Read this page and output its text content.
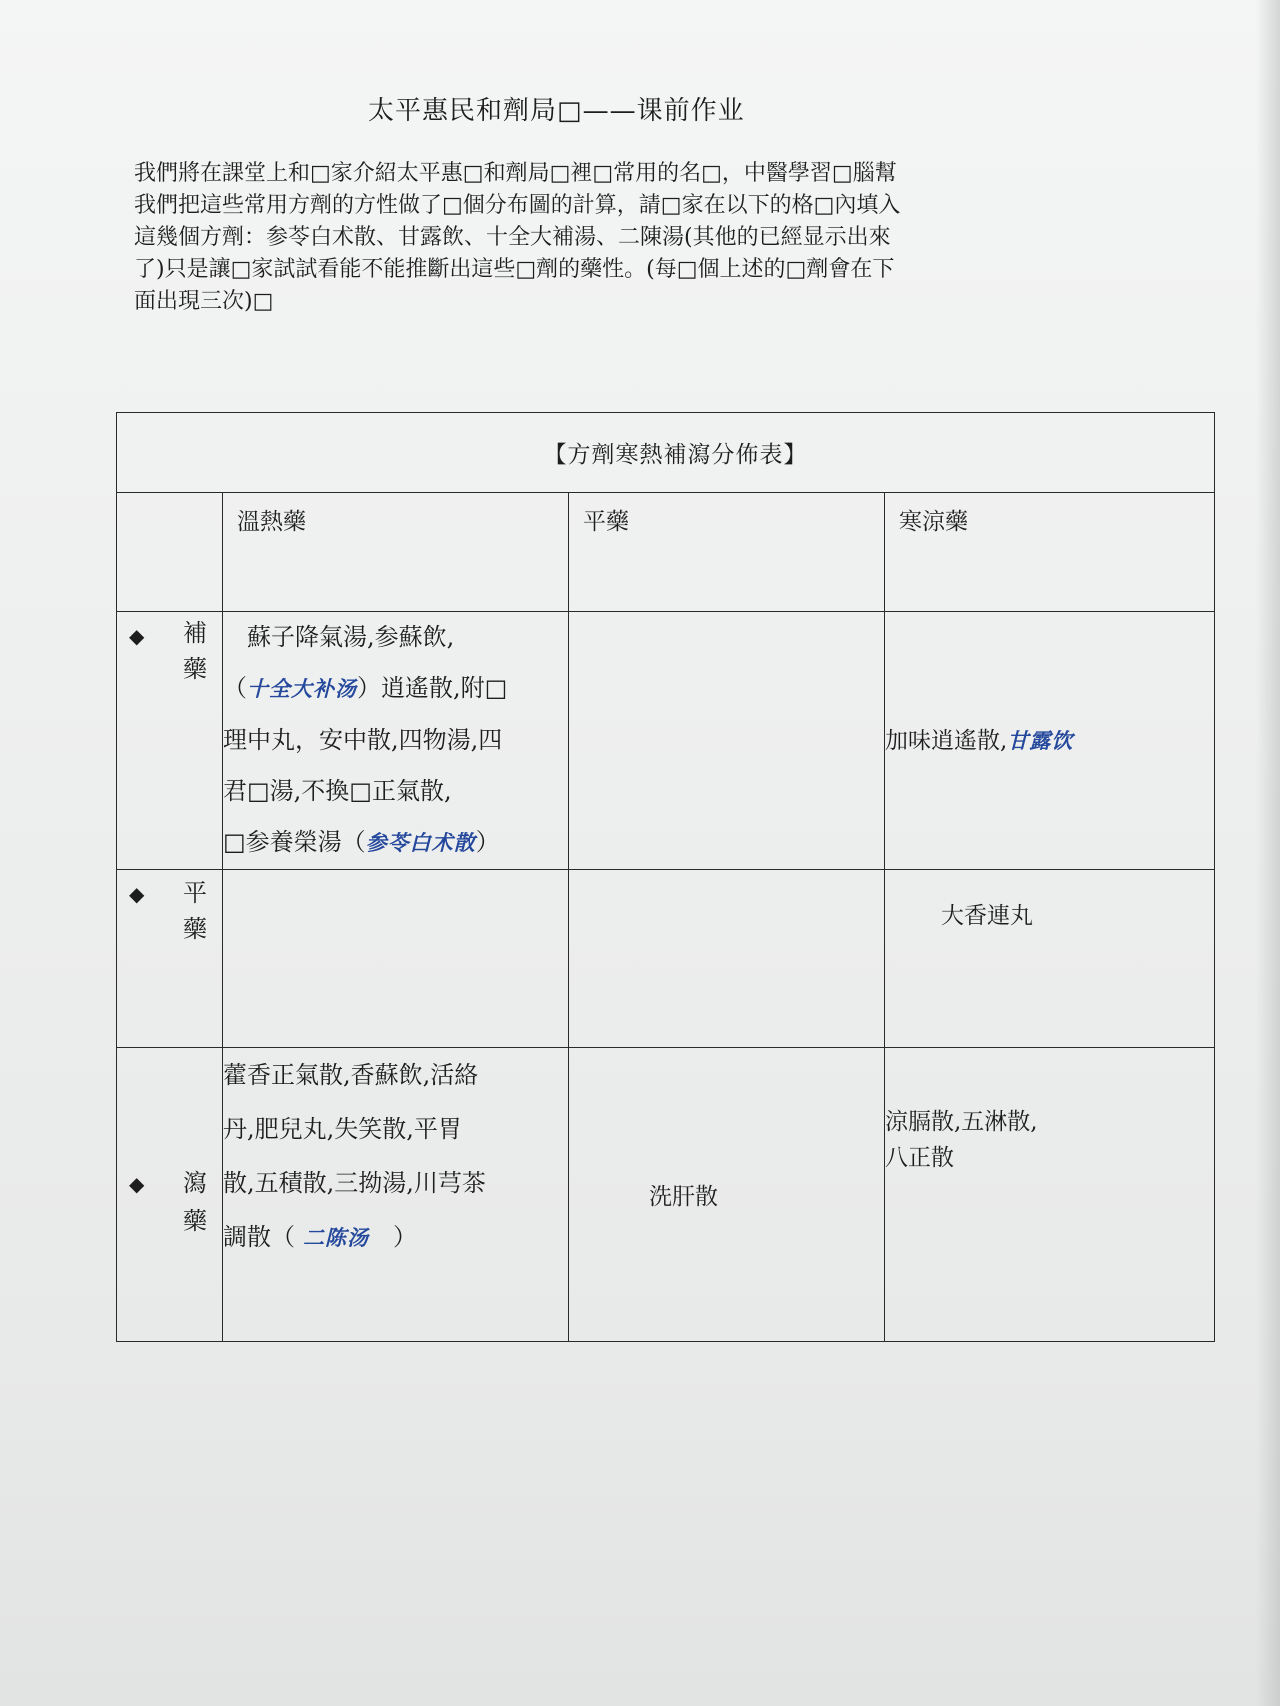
太平惠民和劑局□——课前作业

我們將在課堂上和□家介紹太平惠□和劑局□裡□常用的名□，中醫學習□腦幫
我們把這些常用方劑的方性做了□個分布圖的計算，請□家在以下的格□內填入
這幾個方劑：参苓白术散、甘露飲、十全大補湯、二陳湯(其他的已經显示出來
了)只是讓□家試試看能不能推斷出這些□劑的藥性。(每□個上述的□劑會在下
面出現三次)□

【方劑寒熱補瀉分佈表】			

	溫熱藥	平藥	寒涼藥

◆ 補
藥	蘇子降氣湯,参蘇飲,
（十全大补汤）逍遙散,附□
理中丸，安中散,四物湯,四
君□湯,不換□正氣散,
□参養榮湯（参苓白术散）		加味逍遙散,甘露饮

◆ 平
藥			大香連丸

◆ 瀉
藥	藿香正氣散,香蘇飲,活絡
丹,肥兒丸,失笑散,平胃
散,五積散,三拗湯,川芎茶
調散（ 二陈汤 ）	洗肝散	涼膈散,五淋散,
八正散
